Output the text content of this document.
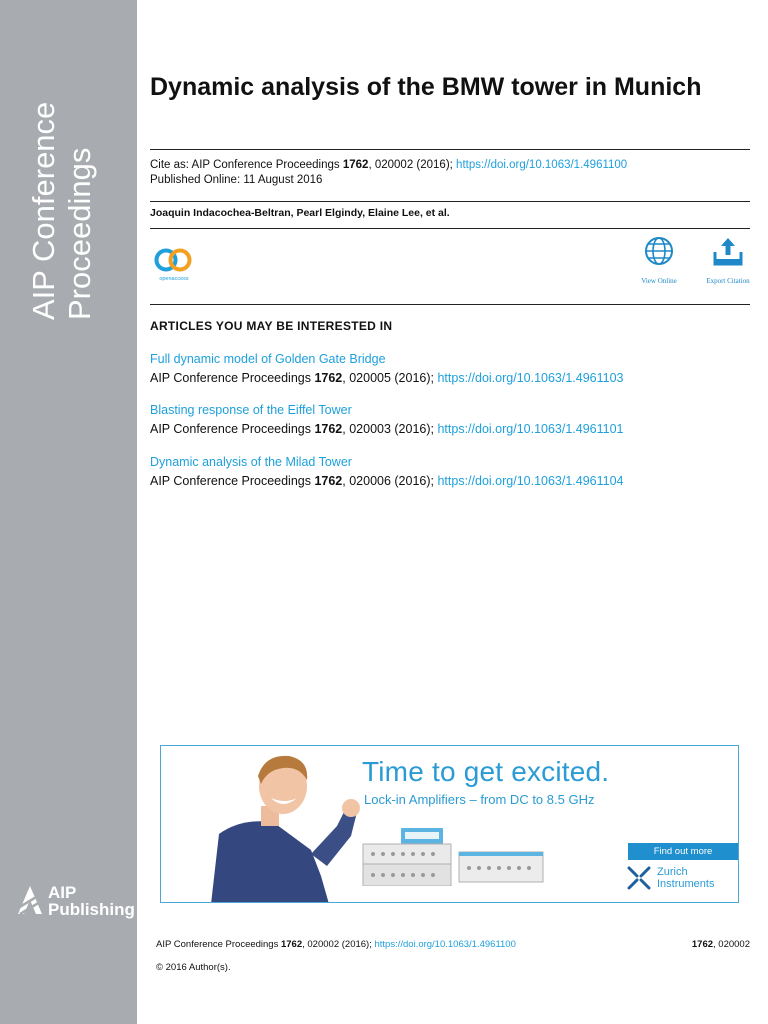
AIP Conference Proceedings
AIP
Publishing
Dynamic analysis of the BMW tower in Munich
Cite as: AIP Conference Proceedings 1762, 020002 (2016); https://doi.org/10.1063/1.4961100
Published Online: 11 August 2016
Joaquin Indacochea-Beltran, Pearl Elgindy, Elaine Lee, et al.
openaccess	View Online	Export Citation
ARTICLES YOU MAY BE INTERESTED IN
Full dynamic model of Golden Gate Bridge
AIP Conference Proceedings 1762, 020005 (2016); https://doi.org/10.1063/1.4961103
Blasting response of the Eiffel Tower
AIP Conference Proceedings 1762, 020003 (2016); https://doi.org/10.1063/1.4961101
Dynamic analysis of the Milad Tower
AIP Conference Proceedings 1762, 020006 (2016); https://doi.org/10.1063/1.4961104
Time to get excited.
Lock-in Amplifiers – from DC to 8.5 GHz
Find out more
Zurich
Instruments
AIP Conference Proceedings 1762, 020002 (2016); https://doi.org/10.1063/1.4961100	1762, 020002
© 2016 Author(s).
